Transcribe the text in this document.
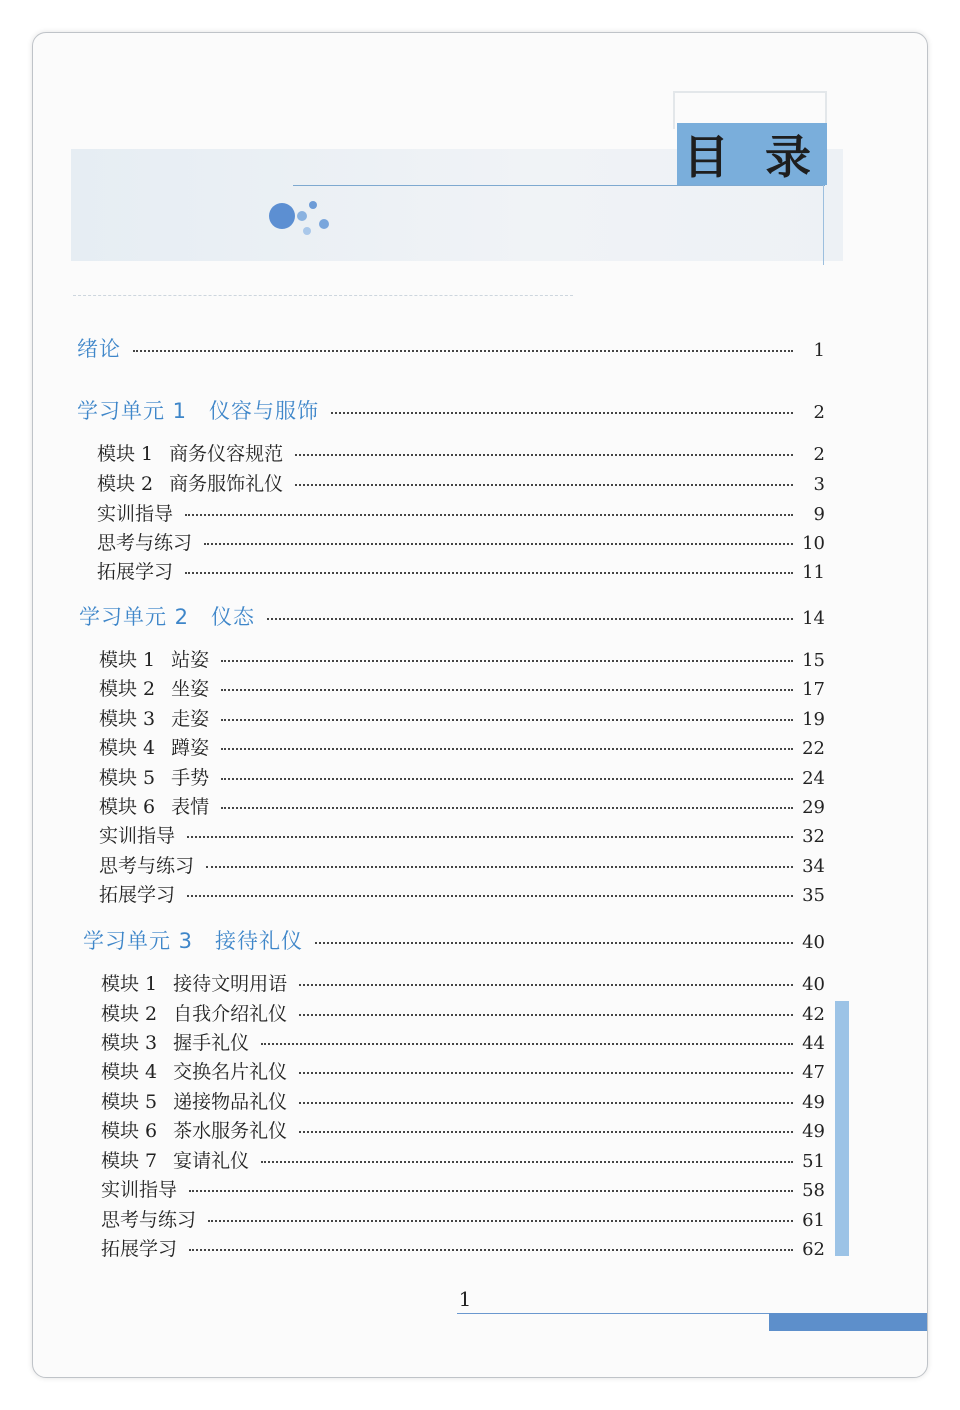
目 录
1
绪论	1
学习单元 1 仪容与服饰	2
模块 1 商务仪容规范	2
模块 2 商务服饰礼仪	3
实训指导	9
思考与练习	10
拓展学习	11
学习单元 2 仪态	14
模块 1 站姿	15
模块 2 坐姿	17
模块 3 走姿	19
模块 4 蹲姿	22
模块 5 手势	24
模块 6 表情	29
实训指导	32
思考与练习	34
拓展学习	35
学习单元 3 接待礼仪	40
模块 1 接待文明用语	40
模块 2 自我介绍礼仪	42
模块 3 握手礼仪	44
模块 4 交换名片礼仪	47
模块 5 递接物品礼仪	49
模块 6 茶水服务礼仪	49
模块 7 宴请礼仪	51
实训指导	58
思考与练习	61
拓展学习	62
